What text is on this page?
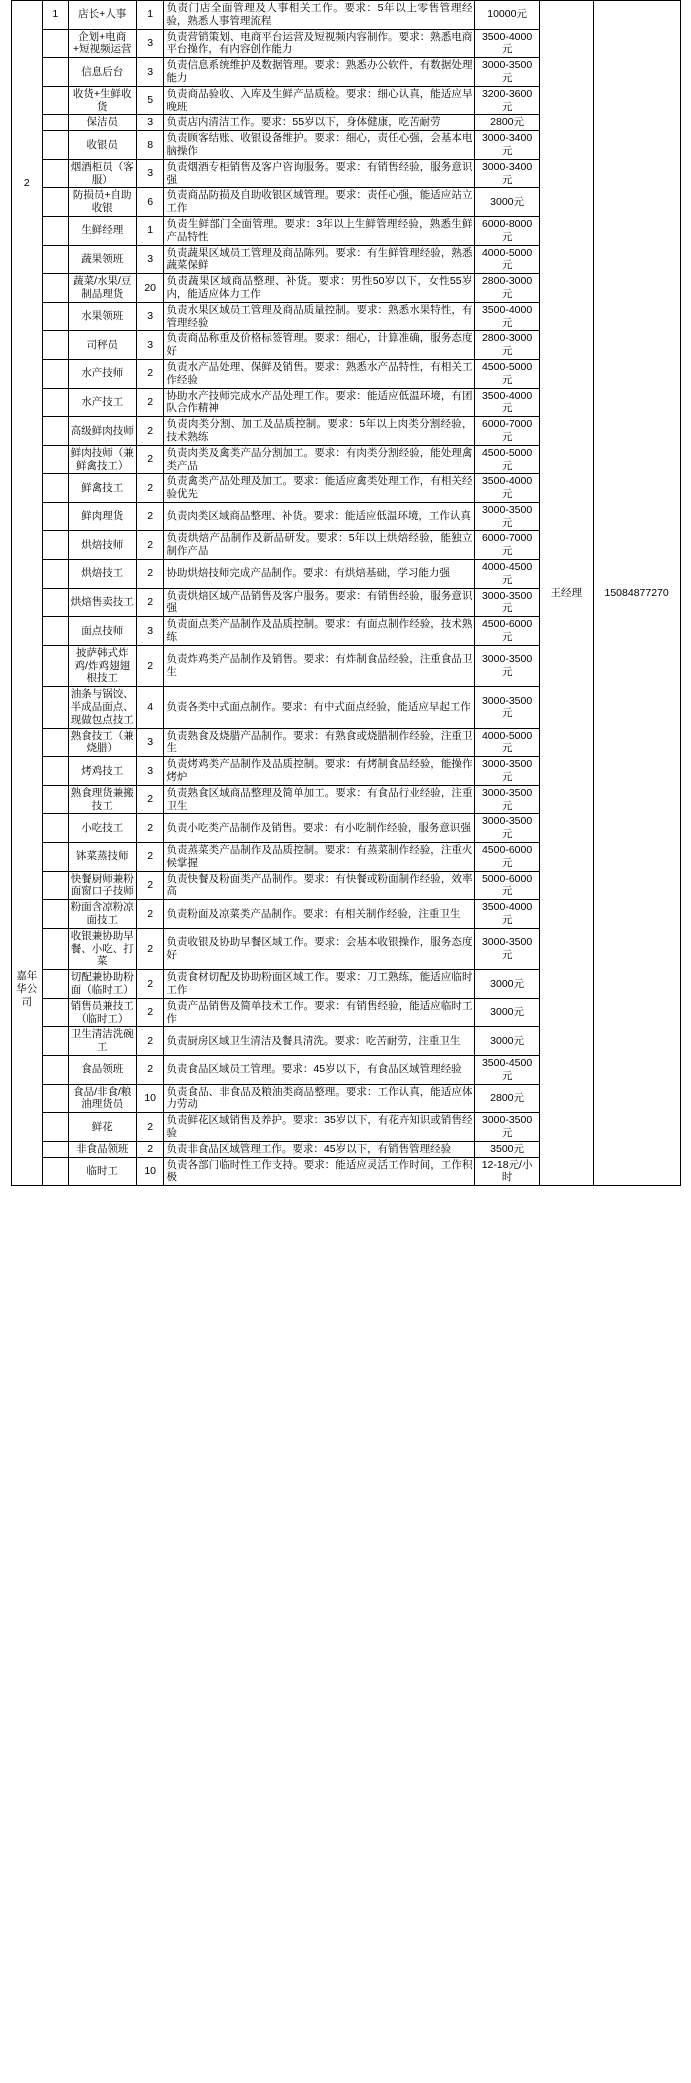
2
嘉年华公司	1	店长+人事	1	负责门店全面管理及人事相关工作。要求：5年以上零售管理经验，熟悉人事管理流程	10000元	王经理	15084877270
		企划+电商+短视频运营	3	负责营销策划、电商平台运营及短视频内容制作。要求：熟悉电商平台操作，有内容创作能力	3500-4000元		
		信息后台	3	负责信息系统维护及数据管理。要求：熟悉办公软件，有数据处理能力	3000-3500元		
		收货+生鲜收货	5	负责商品验收、入库及生鲜产品质检。要求：细心认真，能适应早晚班	3200-3600元		
		保洁员	3	负责店内清洁工作。要求：55岁以下，身体健康，吃苦耐劳	2800元		
		收银员	8	负责顾客结账、收银设备维护。要求：细心，责任心强，会基本电脑操作	3000-3400元		
		烟酒柜员（客服）	3	负责烟酒专柜销售及客户咨询服务。要求：有销售经验，服务意识强	3000-3400元		
		防损员+自助收银	6	负责商品防损及自助收银区域管理。要求：责任心强，能适应站立工作	3000元		
		生鲜经理	1	负责生鲜部门全面管理。要求：3年以上生鲜管理经验，熟悉生鲜产品特性	6000-8000元		
		蔬果领班	3	负责蔬果区域员工管理及商品陈列。要求：有生鲜管理经验，熟悉蔬菜保鲜	4000-5000元		
		蔬菜/水果/豆制品理货	20	负责蔬果区域商品整理、补货。要求：男性50岁以下，女性55岁内，能适应体力工作	2800-3000元		
		水果领班	3	负责水果区域员工管理及商品质量控制。要求：熟悉水果特性，有管理经验	3500-4000元		
		司秤员	3	负责商品称重及价格标签管理。要求：细心，计算准确，服务态度好	2800-3000元		
		水产技师	2	负责水产品处理、保鲜及销售。要求：熟悉水产品特性，有相关工作经验	4500-5000元		
		水产技工	2	协助水产技师完成水产品处理工作。要求：能适应低温环境，有团队合作精神	3500-4000元		
		高级鲜肉技师	2	负责肉类分割、加工及品质控制。要求：5年以上肉类分割经验，技术熟练	6000-7000元		
		鲜肉技师（兼鲜禽技工）	2	负责肉类及禽类产品分割加工。要求：有肉类分割经验，能处理禽类产品	4500-5000元		
		鲜禽技工	2	负责禽类产品处理及加工。要求：能适应禽类处理工作，有相关经验优先	3500-4000元		
		鲜肉理货	2	负责肉类区域商品整理、补货。要求：能适应低温环境，工作认真	3000-3500元		
		烘焙技师	2	负责烘焙产品制作及新品研发。要求：5年以上烘焙经验，能独立制作产品	6000-7000元		
		烘焙技工	2	协助烘焙技师完成产品制作。要求：有烘焙基础，学习能力强	4000-4500元		
		烘焙售卖技工	2	负责烘焙区域产品销售及客户服务。要求：有销售经验，服务意识强	3000-3500元		
		面点技师	3	负责面点类产品制作及品质控制。要求：有面点制作经验，技术熟练	4500-6000元		
		披萨韩式炸鸡/炸鸡翅翅根技工	2	负责炸鸡类产品制作及销售。要求：有炸制食品经验，注重食品卫生	3000-3500元		
		油条与锅饺、半成品面点、现做包点技工	4	负责各类中式面点制作。要求：有中式面点经验，能适应早起工作	3000-3500元		
		熟食技工（兼烧腊）	3	负责熟食及烧腊产品制作。要求：有熟食或烧腊制作经验，注重卫生	4000-5000元		
		烤鸡技工	3	负责烤鸡类产品制作及品质控制。要求：有烤制食品经验，能操作烤炉	3000-3500元		
		熟食理货兼搬技工	2	负责熟食区域商品整理及简单加工。要求：有食品行业经验，注重卫生	3000-3500元		
		小吃技工	2	负责小吃类产品制作及销售。要求：有小吃制作经验，服务意识强	3000-3500元		
		钵菜蒸技师	2	负责蒸菜类产品制作及品质控制。要求：有蒸菜制作经验，注重火候掌握	4500-6000元		
		快餐厨师兼粉面窗口子技师	2	负责快餐及粉面类产品制作。要求：有快餐或粉面制作经验，效率高	5000-6000元		
		粉面含凉粉凉面技工	2	负责粉面及凉菜类产品制作。要求：有相关制作经验，注重卫生	3500-4000元		
		收银兼协助早餐、小吃、打菜	2	负责收银及协助早餐区域工作。要求：会基本收银操作，服务态度好	3000-3500元		
		切配兼协助粉面（临时工）	2	负责食材切配及协助粉面区域工作。要求：刀工熟练，能适应临时工作	3000元		
		销售员兼技工（临时工）	2	负责产品销售及简单技术工作。要求：有销售经验，能适应临时工作	3000元		
		卫生清洁洗碗工	2	负责厨房区域卫生清洁及餐具清洗。要求：吃苦耐劳，注重卫生	3000元		
		食品领班	2	负责食品区域员工管理。要求：45岁以下，有食品区域管理经验	3500-4500元		
		食品/非食/粮油理货员	10	负责食品、非食品及粮油类商品整理。要求：工作认真，能适应体力劳动	2800元		
		鲜花	2	负责鲜花区域销售及养护。要求：35岁以下，有花卉知识或销售经验	3000-3500元		
		非食品领班	2	负责非食品区域管理工作。要求：45岁以下，有销售管理经验	3500元		
		临时工	10	负责各部门临时性工作支持。要求：能适应灵活工作时间，工作积极	12-18元/小时		
